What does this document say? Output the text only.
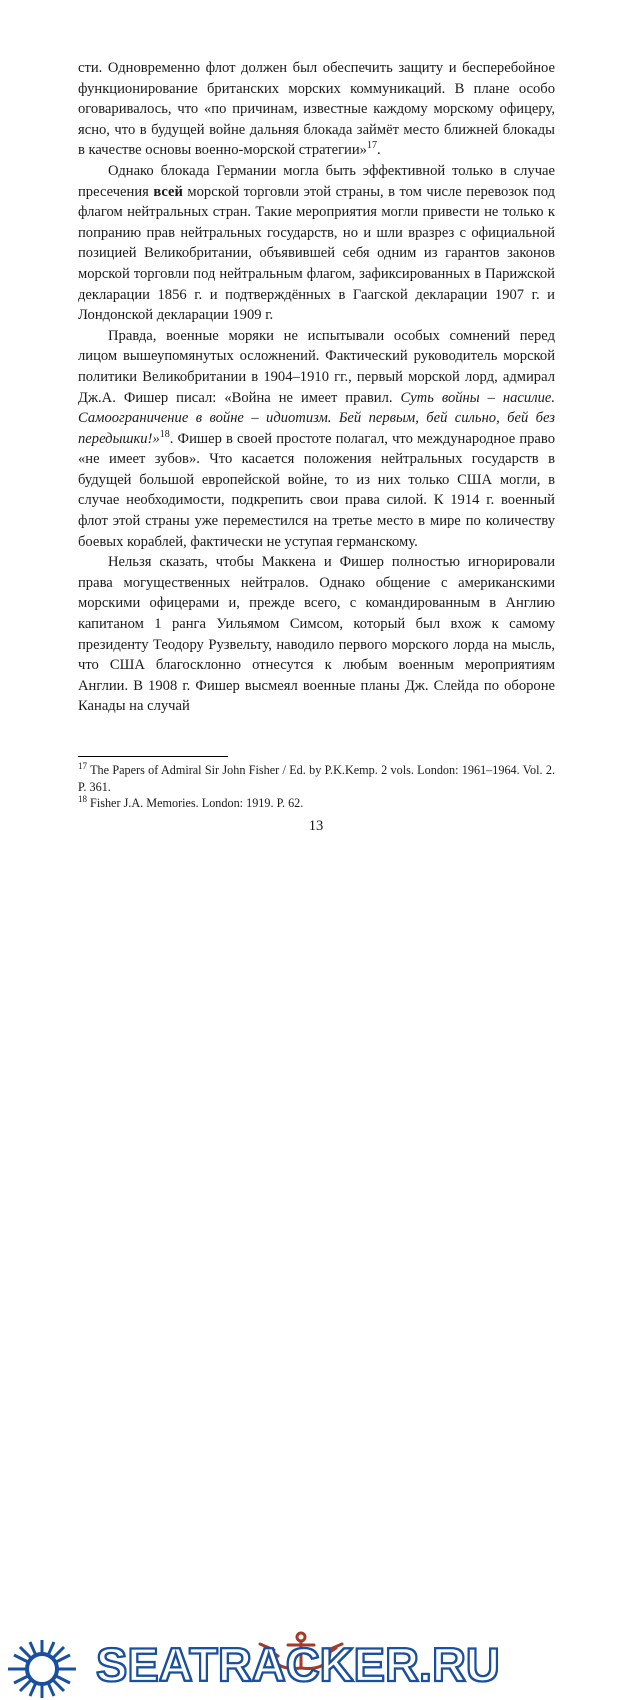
сти. Одновременно флот должен был обеспечить защиту и бесперебойное функционирование британских морских коммуникаций. В плане особо оговаривалось, что «по причинам, известные каждому морскому офицеру, ясно, что в будущей войне дальняя блокада займёт место ближней блокады в качестве основы военно-морской стратегии»$^{17}$.

Однако блокада Германии могла быть эффективной только в случае пресечения всей морской торговли этой страны, в том числе перевозок под флагом нейтральных стран. Такие мероприятия могли привести не только к попранию прав нейтральных государств, но и шли вразрез с официальной позицией Великобритании, объявившей себя одним из гарантов законов морской торговли под нейтральным флагом, зафиксированных в Парижской декларации 1856 г. и подтверждённых в Гаагской декларации 1907 г. и Лондонской декларации 1909 г.

Правда, военные моряки не испытывали особых сомнений перед лицом вышеупомянутых осложнений. Фактический руководитель морской политики Великобритании в 1904–1910 гг., первый морской лорд, адмирал Дж.А. Фишер писал: «Война не имеет правил. Суть войны – насилие. Самоограничение в войне – идиотизм. Бей первым, бей сильно, бей без передышки!»$^{18}$. Фишер в своей простоте полагал, что международное право «не имеет зубов». Что касается положения нейтральных государств в будущей большой европейской войне, то из них только США могли, в случае необходимости, подкрепить свои права силой. К 1914 г. военный флот этой страны уже переместился на третье место в мире по количеству боевых кораблей, фактически не уступая германскому.

Нельзя сказать, чтобы Маккена и Фишер полностью игнорировали права могущественных нейтралов. Однако общение с американскими морскими офицерами и, прежде всего, с командированным в Англию капитаном 1 ранга Уильямом Симсом, который был вхож к самому президенту Теодору Рузвельту, наводило первого морского лорда на мысль, что США благосклонно отнесутся к любым военным мероприятиям Англии. В 1908 г. Фишер высмеял военные планы Дж. Слейда по обороне Канады на случай

$^{17}$ The Papers of Admiral Sir John Fisher / Ed. by P.K.Kemp. 2 vols. London: 1961–1964. Vol. 2. P. 361.

$^{18}$ Fisher J.A. Memories. London: 1919. P. 62.

13
SEATRACKER.RU
